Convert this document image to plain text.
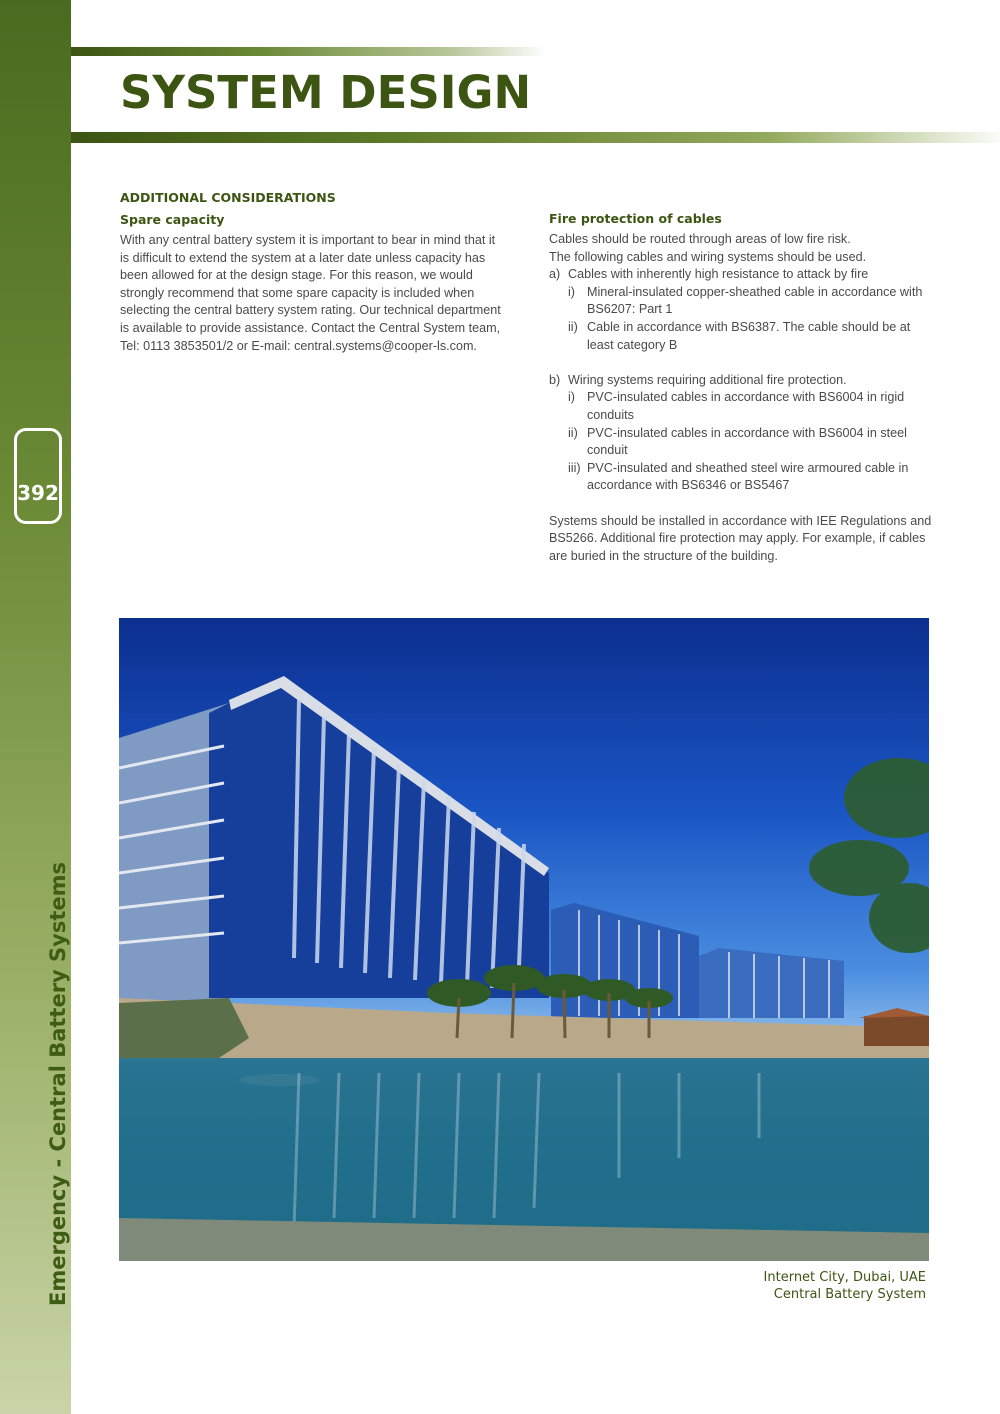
392
Emergency - Central Battery Systems
SYSTEM DESIGN
ADDITIONAL CONSIDERATIONS
Spare capacity

With any central battery system it is important to bear in mind that it is difficult to extend the system at a later date unless capacity has been allowed for at the design stage. For this reason, we would strongly recommend that some spare capacity is included when selecting the central battery system rating. Our technical department is available to provide assistance. Contact the Central System team, Tel: 0113 3853501/2 or E-mail: central.systems@cooper-ls.com.

Fire protection of cables
Cables should be routed through areas of low fire risk.
The following cables and wiring systems should be used.
a) Cables with inherently high resistance to attack by fire
i) Mineral-insulated copper-sheathed cable in accordance with BS6207: Part 1
ii) Cable in accordance with BS6387. The cable should be at least category B
b) Wiring systems requiring additional fire protection.
i) PVC-insulated cables in accordance with BS6004 in rigid conduits
ii) PVC-insulated cables in accordance with BS6004 in steel conduit
iii) PVC-insulated and sheathed steel wire armoured cable in accordance with BS6346 or BS5467

Systems should be installed in accordance with IEE Regulations and BS5266. Additional fire protection may apply. For example, if cables are buried in the structure of the building.

Internet City, Dubai, UAE
Central Battery System
